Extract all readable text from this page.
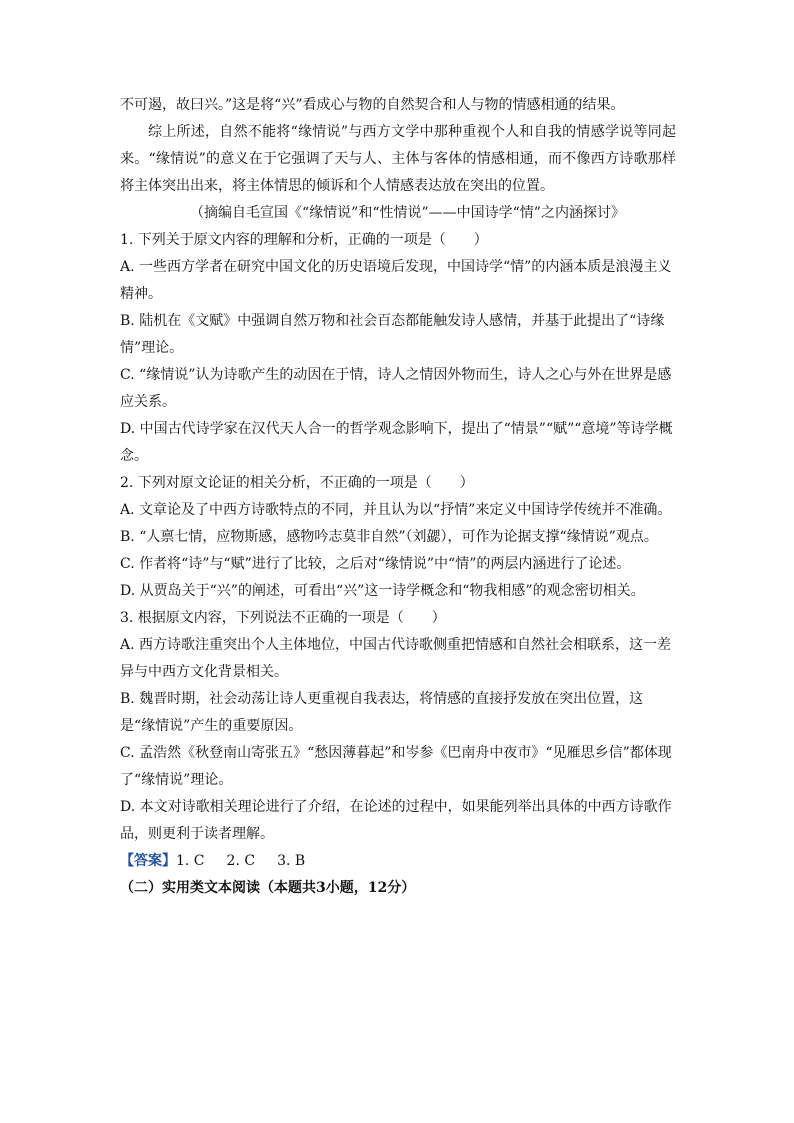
不可遏，故曰兴。”这是将“兴”看成心与物的自然契合和人与物的情感相通的结果。

综上所述，自然不能将“缘情说”与西方文学中那种重视个人和自我的情感学说等同起来。“缘情说”的意义在于它强调了天与人、主体与客体的情感相通，而不像西方诗歌那样将主体突出出来，将主体情思的倾诉和个人情感表达放在突出的位置。

（摘编自毛宣国《“缘情说”和“性情说”——中国诗学“情”之内涵探讨》

1. 下列关于原文内容的理解和分析，正确的一项是（　　）

A. 一些西方学者在研究中国文化的历史语境后发现，中国诗学“情”的内涵本质是浪漫主义精神。

B. 陆机在《文赋》中强调自然万物和社会百态都能触发诗人感情，并基于此提出了“诗缘情”理论。

C. “缘情说”认为诗歌产生的动因在于情，诗人之情因外物而生，诗人之心与外在世界是感应关系。

D. 中国古代诗学家在汉代天人合一的哲学观念影响下，提出了“情景”“赋”“意境”等诗学概念。

2. 下列对原文论证的相关分析，不正确的一项是（　　）

A. 文章论及了中西方诗歌特点的不同，并且认为以“抒情”来定义中国诗学传统并不准确。

B. “人禀七情，应物斯感，感物吟志莫非自然”（刘勰），可作为论据支撑“缘情说”观点。

C. 作者将“诗”与“赋”进行了比较，之后对“缘情说”中“情”的两层内涵进行了论述。

D. 从贾岛关于“兴”的阐述，可看出“兴”这一诗学概念和“物我相感”的观念密切相关。

3. 根据原文内容，下列说法不正确的一项是（　　）

A. 西方诗歌注重突出个人主体地位，中国古代诗歌侧重把情感和自然社会相联系，这一差异与中西方文化背景相关。

B. 魏晋时期，社会动荡让诗人更重视自我表达，将情感的直接抒发放在突出位置，这是“缘情说”产生的重要原因。

C. 孟浩然《秋登南山寄张五》“愁因薄暮起”和岑参《巴南舟中夜市》“见雁思乡信”都体现了“缘情说”理论。

D. 本文对诗歌相关理论进行了介绍，在论述的过程中，如果能列举出具体的中西方诗歌作品，则更利于读者理解。

【答案】1. C 2. C 3. B

（二）实用类文本阅读（本题共3小题，12分）
